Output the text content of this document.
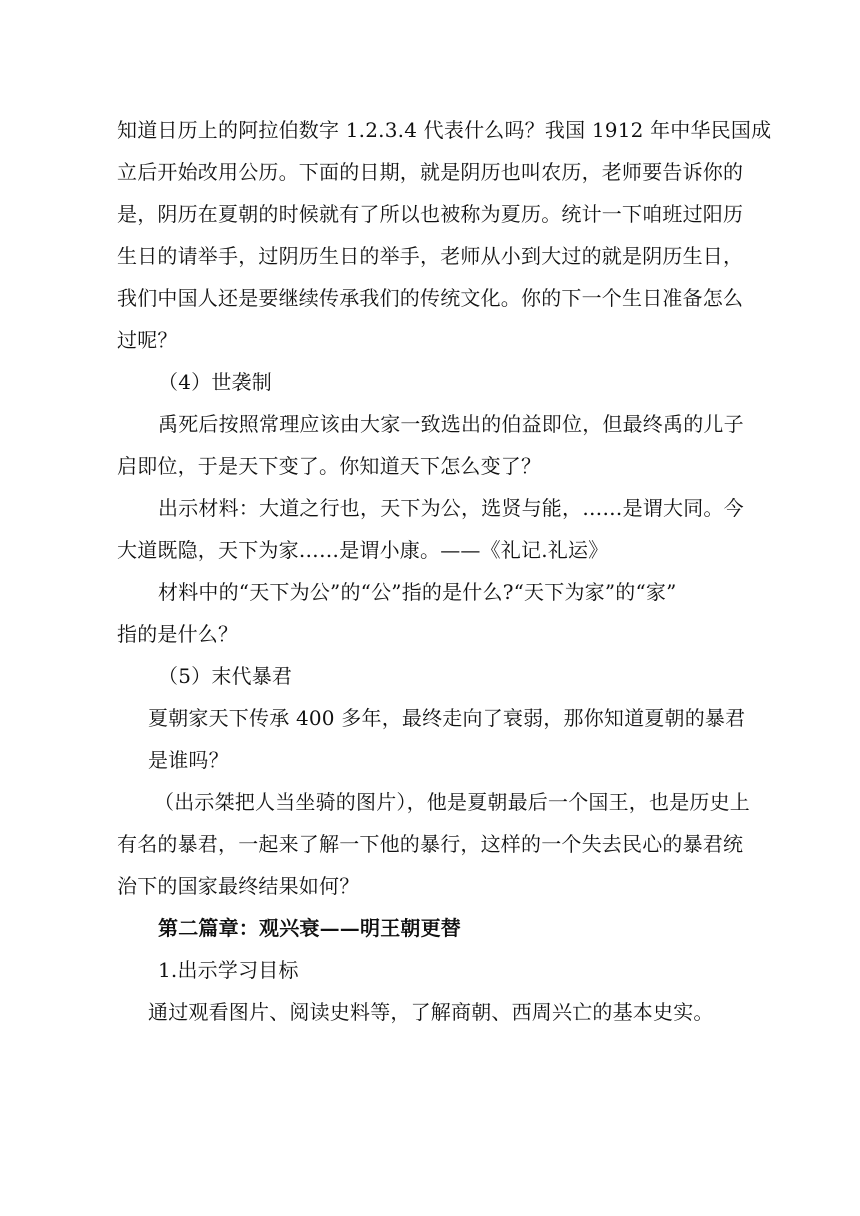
知道日历上的阿拉伯数字 1.2.3.4 代表什么吗？我国 1912 年中华民国成
立后开始改用公历。下面的日期，就是阴历也叫农历，老师要告诉你的
是，阴历在夏朝的时候就有了所以也被称为夏历。统计一下咱班过阳历
生日的请举手，过阴历生日的举手，老师从小到大过的就是阴历生日，
我们中国人还是要继续传承我们的传统文化。你的下一个生日准备怎么
过呢？
（4）世袭制
禹死后按照常理应该由大家一致选出的伯益即位，但最终禹的儿子
启即位，于是天下变了。你知道天下怎么变了？
出示材料：大道之行也，天下为公，选贤与能，……是谓大同。今
大道既隐，天下为家……是谓小康。——《礼记.礼运》
材料中的“天下为公”的“公”指的是什么?“天下为家”的“家”
指的是什么？
（5）末代暴君
夏朝家天下传承 400 多年，最终走向了衰弱，那你知道夏朝的暴君
是谁吗？
（出示桀把人当坐骑的图片），他是夏朝最后一个国王，也是历史上
有名的暴君，一起来了解一下他的暴行，这样的一个失去民心的暴君统
治下的国家最终结果如何？
第二篇章：观兴衰——明王朝更替
1.出示学习目标
通过观看图片、阅读史料等，了解商朝、西周兴亡的基本史实。
